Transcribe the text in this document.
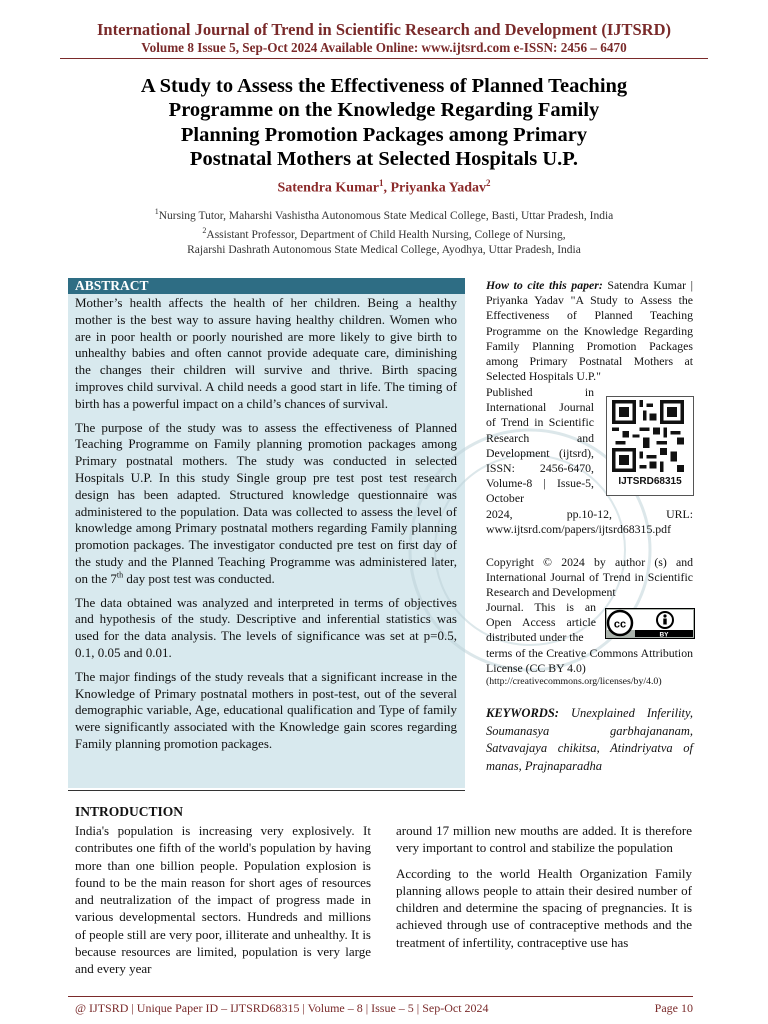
International Journal of Trend in Scientific Research and Development (IJTSRD)
Volume 8 Issue 5, Sep-Oct 2024 Available Online: www.ijtsrd.com e-ISSN: 2456 – 6470
A Study to Assess the Effectiveness of Planned Teaching
Programme on the Knowledge Regarding Family
Planning Promotion Packages among Primary
Postnatal Mothers at Selected Hospitals U.P.
Satendra Kumar$^1$, Priyanka Yadav$^2$
$^1$Nursing Tutor, Maharshi Vashistha Autonomous State Medical College, Basti, Uttar Pradesh, India
$^2$Assistant Professor, Department of Child Health Nursing, College of Nursing,
Rajarshi Dashrath Autonomous State Medical College, Ayodhya, Uttar Pradesh, India
ABSTRACT

Mother’s health affects the health of her children. Being a healthy mother is the best way to assure having healthy children. Women who are in poor health or poorly nourished are more likely to give birth to unhealthy babies and often cannot provide adequate care, diminishing the changes their children will survive and thrive. Birth spacing improves child survival. A child needs a good start in life. The timing of birth has a powerful impact on a child’s chances of survival.

The purpose of the study was to assess the effectiveness of Planned Teaching Programme on Family planning promotion packages among Primary postnatal mothers. The study was conducted in selected Hospitals U.P. In this study Single group pre test post test research design has been adapted. Structured knowledge questionnaire was administered to the population. Data was collected to assess the level of knowledge among Primary postnatal mothers regarding Family planning promotion packages. The investigator conducted pre test on first day of the study and the Planned Teaching Programme was administered later, on the 7th day post test was conducted.

The data obtained was analyzed and interpreted in terms of objectives and hypothesis of the study. Descriptive and inferential statistics was used for the data analysis. The levels of significance was set at p=0.5, 0.1, 0.05 and 0.01.

The major findings of the study reveals that a significant increase in the Knowledge of Primary postnatal mothers in post-test, out of the several demographic variable, Age, educational qualification and Type of family were significantly associated with the Knowledge gain scores regarding Family planning promotion packages.

How to cite this paper: Satendra Kumar | Priyanka Yadav "A Study to Assess the Effectiveness of Planned Teaching Programme on the Knowledge Regarding Family Planning Promotion Packages among Primary Postnatal Mothers at Selected Hospitals U.P."
Published in International Journal of Trend in Scientific Research and Development (ijtsrd), ISSN: 2456-6470, Volume-8 | Issue-5, October
2024, pp.10-12, URL: www.ijtsrd.com/papers/ijtsrd68315.pdf
IJTSRD68315
Copyright © 2024 by author (s) and International Journal of Trend in Scientific Research and Development
Journal. This is an Open Access article distributed under the
cc
BY
terms of the Creative Commons Attribution License (CC BY 4.0)
(http://creativecommons.org/licenses/by/4.0)
KEYWORDS: Unexplained Inferility, Soumanasya garbhajananam, Satvavajaya chikitsa, Atindriyatva of manas, Prajnaparadha
INTRODUCTION

India's population is increasing very explosively. It contributes one fifth of the world's population by having more than one billion people. Population explosion is found to be the main reason for short ages of resources and neutralization of the impact of progress made in various developmental sectors. Hundreds and millions of people still are very poor, illiterate and unhealthy. It is because resources are limited, population is very large and every year

around 17 million new mouths are added. It is therefore very important to control and stabilize the population

According to the world Health Organization Family planning allows people to attain their desired number of children and determine the spacing of pregnancies. It is achieved through use of contraceptive methods and the treatment of infertility, contraceptive use has

@ IJTSRD | Unique Paper ID – IJTSRD68315 | Volume – 8 | Issue – 5 | Sep-Oct 2024	Page 10
